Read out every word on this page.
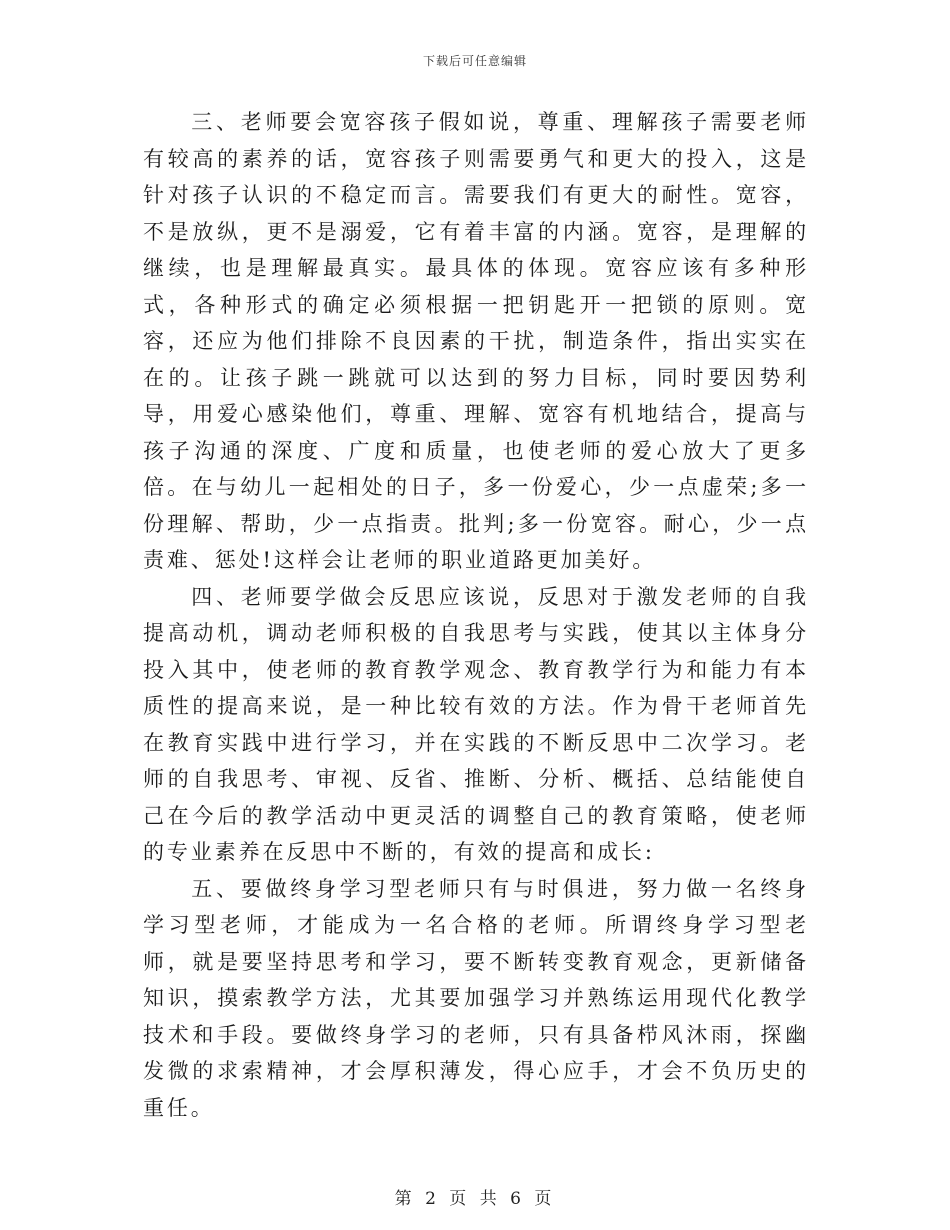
下载后可任意编辑

三、老师要会宽容孩子假如说，尊重、理解孩子需要老师有较高的素养的话，宽容孩子则需要勇气和更大的投入，这是针对孩子认识的不稳定而言。需要我们有更大的耐性。宽容，不是放纵，更不是溺爱，它有着丰富的内涵。宽容，是理解的继续，也是理解最真实。最具体的体现。宽容应该有多种形式，各种形式的确定必须根据一把钥匙开一把锁的原则。宽容，还应为他们排除不良因素的干扰，制造条件，指出实实在在的。让孩子跳一跳就可以达到的努力目标，同时要因势利导，用爱心感染他们，尊重、理解、宽容有机地结合，提高与孩子沟通的深度、广度和质量，也使老师的爱心放大了更多倍。在与幼儿一起相处的日子，多一份爱心，少一点虚荣;多一份理解、帮助，少一点指责。批判;多一份宽容。耐心，少一点责难、惩处!这样会让老师的职业道路更加美好。

四、老师要学做会反思应该说，反思对于激发老师的自我提高动机，调动老师积极的自我思考与实践，使其以主体身分投入其中，使老师的教育教学观念、教育教学行为和能力有本质性的提高来说，是一种比较有效的方法。作为骨干老师首先在教育实践中进行学习，并在实践的不断反思中二次学习。老师的自我思考、审视、反省、推断、分析、概括、总结能使自己在今后的教学活动中更灵活的调整自己的教育策略，使老师的专业素养在反思中不断的，有效的提高和成长:

五、要做终身学习型老师只有与时俱进，努力做一名终身学习型老师，才能成为一名合格的老师。所谓终身学习型老师，就是要坚持思考和学习，要不断转变教育观念，更新储备知识，摸索教学方法，尤其要加强学习并熟练运用现代化教学技术和手段。要做终身学习的老师，只有具备栉风沐雨，探幽发微的求索精神，才会厚积薄发，得心应手，才会不负历史的重任。

第 2 页 共 6 页
